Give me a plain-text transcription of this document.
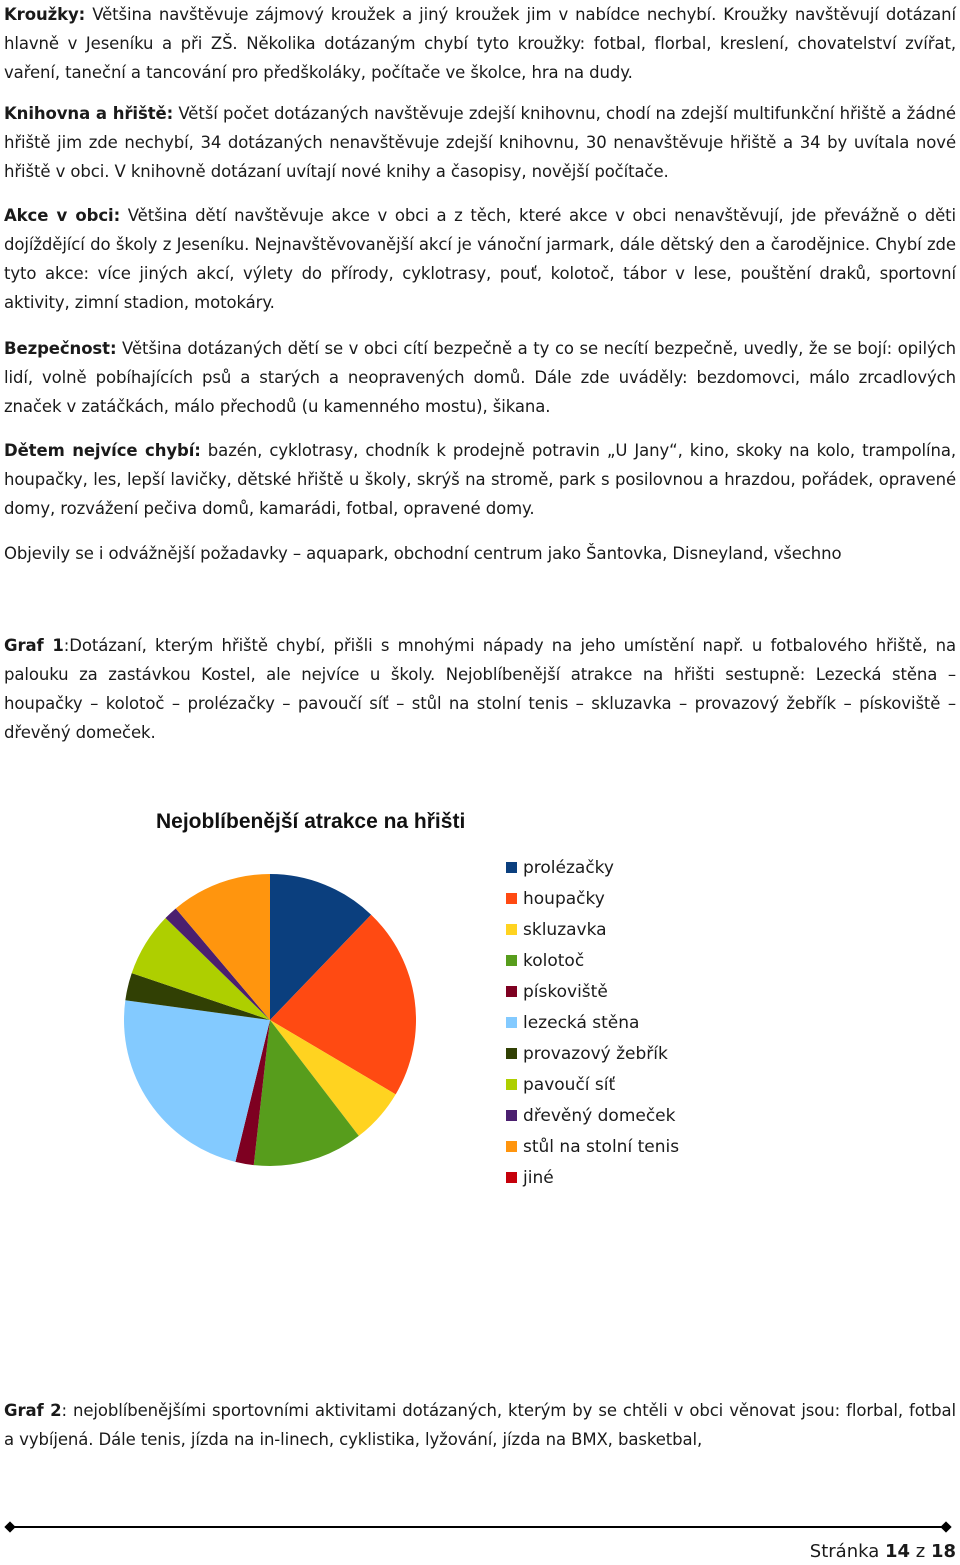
Kroužky: Většina navštěvuje zájmový kroužek a jiný kroužek jim v nabídce nechybí. Kroužky navštěvují dotázaní hlavně v Jeseníku a při ZŠ. Několika dotázaným chybí tyto kroužky: fotbal, florbal, kreslení, chovatelství zvířat, vaření, taneční a tancování pro předškoláky, počítače ve školce, hra na dudy.
Knihovna a hřiště: Větší počet dotázaných navštěvuje zdejší knihovnu, chodí na zdejší multifunkční hřiště a žádné hřiště jim zde nechybí, 34 dotázaných nenavštěvuje zdejší knihovnu, 30 nenavštěvuje hřiště a 34 by uvítala nové hřiště v obci. V knihovně dotázaní uvítají nové knihy a časopisy, novější počítače.
Akce v obci: Většina dětí navštěvuje akce v obci a z těch, které akce v obci nenavštěvují, jde převážně o děti dojíždějící do školy z Jeseníku. Nejnavštěvovanější akcí je vánoční jarmark, dále dětský den a čarodějnice. Chybí zde tyto akce: více jiných akcí, výlety do přírody, cyklotrasy, pouť, kolotoč, tábor v lese, pouštění draků, sportovní aktivity, zimní stadion, motokáry.
Bezpečnost: Většina dotázaných dětí se v obci cítí bezpečně a ty co se necítí bezpečně, uvedly, že se bojí: opilých lidí, volně pobíhajících psů a starých a neopravených domů. Dále zde uváděly: bezdomovci, málo zrcadlových značek v zatáčkách, málo přechodů (u kamenného mostu), šikana.
Dětem nejvíce chybí: bazén, cyklotrasy, chodník k prodejně potravin „U Jany“, kino, skoky na kolo, trampolína, houpačky, les, lepší lavičky, dětské hřiště u školy, skrýš na stromě, park s posilovnou a hrazdou, pořádek, opravené domy, rozvážení pečiva domů, kamarádi, fotbal, opravené domy.
Objevily se i odvážnější požadavky – aquapark, obchodní centrum jako Šantovka, Disneyland, všechno
Graf 1:Dotázaní, kterým hřiště chybí, přišli s mnohými nápady na jeho umístění např. u fotbalového hřiště, na palouku za zastávkou Kostel, ale nejvíce u školy. Nejoblíbenější atrakce na hřišti sestupně: Lezecká stěna – houpačky – kolotoč – prolézačky – pavoučí síť – stůl na stolní tenis – skluzavka – provazový žebřík – pískoviště – dřevěný domeček.
Nejoblíbenější atrakce na hřišti
prolézačky
houpačky
skluzavka
kolotoč
pískoviště
lezecká stěna
provazový žebřík
pavoučí síť
dřevěný domeček
stůl na stolní tenis
jiné
Graf 2: nejoblíbenějšími sportovními aktivitami dotázaných, kterým by se chtěli v obci věnovat jsou: florbal, fotbal a vybíjená. Dále tenis, jízda na in-linech, cyklistika, lyžování, jízda na BMX, basketbal,
Stránka 14 z 18
